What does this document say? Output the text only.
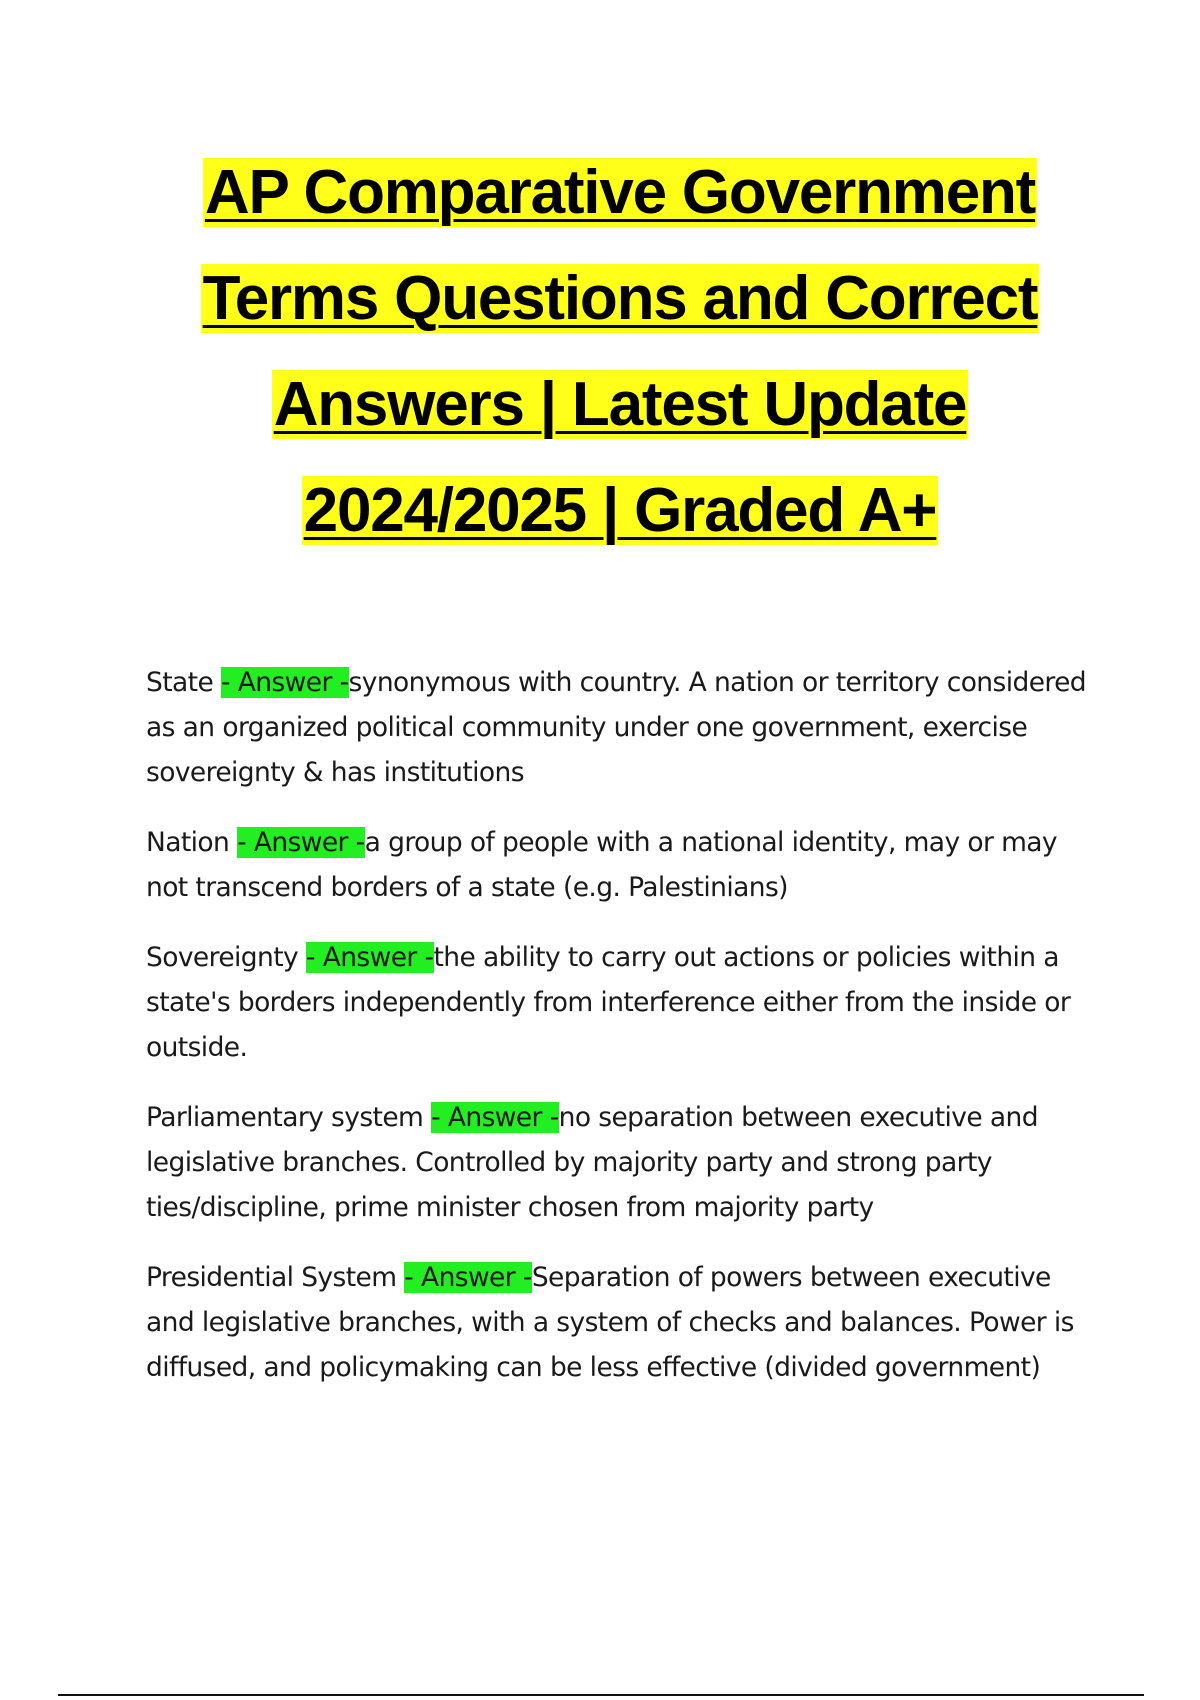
AP Comparative Government
Terms Questions and Correct
Answers | Latest Update
2024/2025 | Graded A+

State - Answer -synonymous with country. A nation or territory considered as an organized political community under one government, exercise sovereignty & has institutions

Nation - Answer -a group of people with a national identity, may or may not transcend borders of a state (e.g. Palestinians)

Sovereignty - Answer -the ability to carry out actions or policies within a state's borders independently from interference either from the inside or outside.

Parliamentary system - Answer -no separation between executive and legislative branches. Controlled by majority party and strong party ties/discipline, prime minister chosen from majority party

Presidential System - Answer -Separation of powers between executive and legislative branches, with a system of checks and balances. Power is diffused, and policymaking can be less effective (divided government)
